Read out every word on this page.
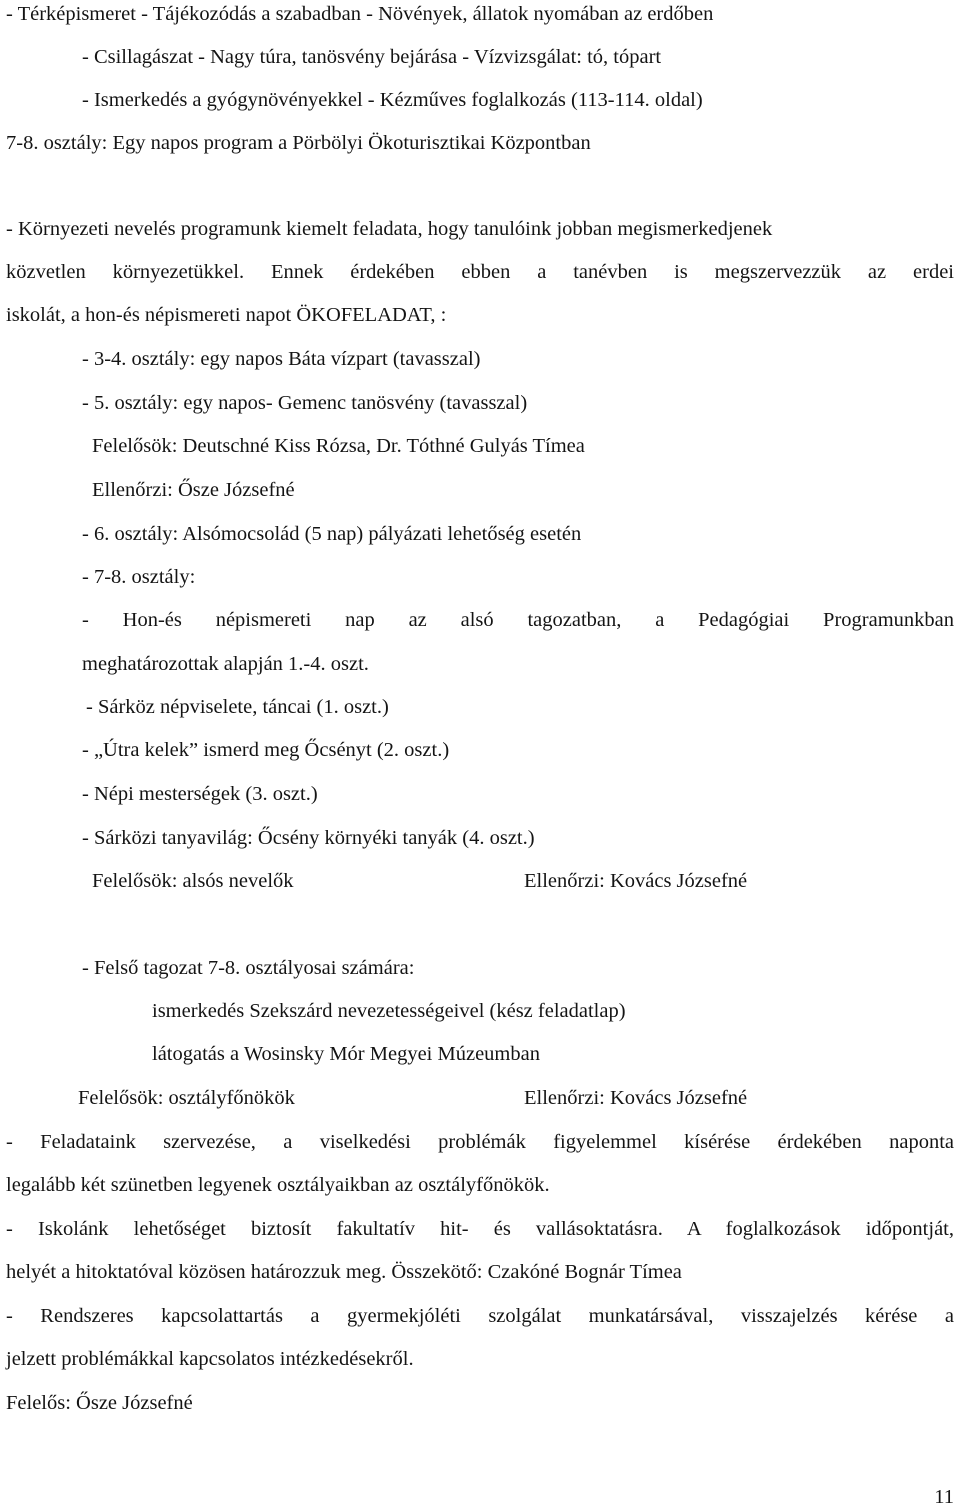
- Térképismeret - Tájékozódás a szabadban - Növények, állatok nyomában az erdőben
- Csillagászat - Nagy túra, tanösvény bejárása - Vízvizsgálat: tó, tópart
- Ismerkedés a gyógynövényekkel - Kézműves foglalkozás (113-114. oldal)
7-8. osztály: Egy napos program a Pörbölyi Ökoturisztikai Központban
- Környezeti nevelés programunk kiemelt feladata, hogy tanulóink jobban megismerkedjenek
közvetlen környezetükkel. Ennek érdekében ebben a tanévben is megszervezzük az erdei
iskolát, a hon-és népismereti napot ÖKOFELADAT, :
- 3-4. osztály: egy napos Báta vízpart (tavasszal)
- 5. osztály: egy napos- Gemenc tanösvény (tavasszal)
Felelősök: Deutschné Kiss Rózsa, Dr. Tóthné Gulyás Tímea
Ellenőrzi: Ősze Józsefné
- 6. osztály: Alsómocsolád (5 nap) pályázati lehetőség esetén
- 7-8. osztály:
- Hon-és népismereti nap az alsó tagozatban, a Pedagógiai Programunkban
meghatározottak alapján 1.-4. oszt.
- Sárköz népviselete, táncai (1. oszt.)
- „Útra kelek” ismerd meg Őcsényt (2. oszt.)
- Népi mesterségek (3. oszt.)
- Sárközi tanyavilág: Őcsény környéki tanyák (4. oszt.)
Felelősök: alsós nevelők	Ellenőrzi: Kovács Józsefné
- Felső tagozat 7-8. osztályosai számára:
ismerkedés Szekszárd nevezetességeivel (kész feladatlap)
látogatás a Wosinsky Mór Megyei Múzeumban
Felelősök: osztályfőnökök	Ellenőrzi: Kovács Józsefné
- Feladataink szervezése, a viselkedési problémák figyelemmel kísérése érdekében naponta
legalább két szünetben legyenek osztályaikban az osztályfőnökök.
- Iskolánk lehetőséget biztosít fakultatív hit- és vallásoktatásra. A foglalkozások időpontját,
helyét a hitoktatóval közösen határozzuk meg. Összekötő: Czakóné Bognár Tímea
- Rendszeres kapcsolattartás a gyermekjóléti szolgálat munkatársával, visszajelzés kérése a
jelzett problémákkal kapcsolatos intézkedésekről.
Felelős: Ősze Józsefné
11
